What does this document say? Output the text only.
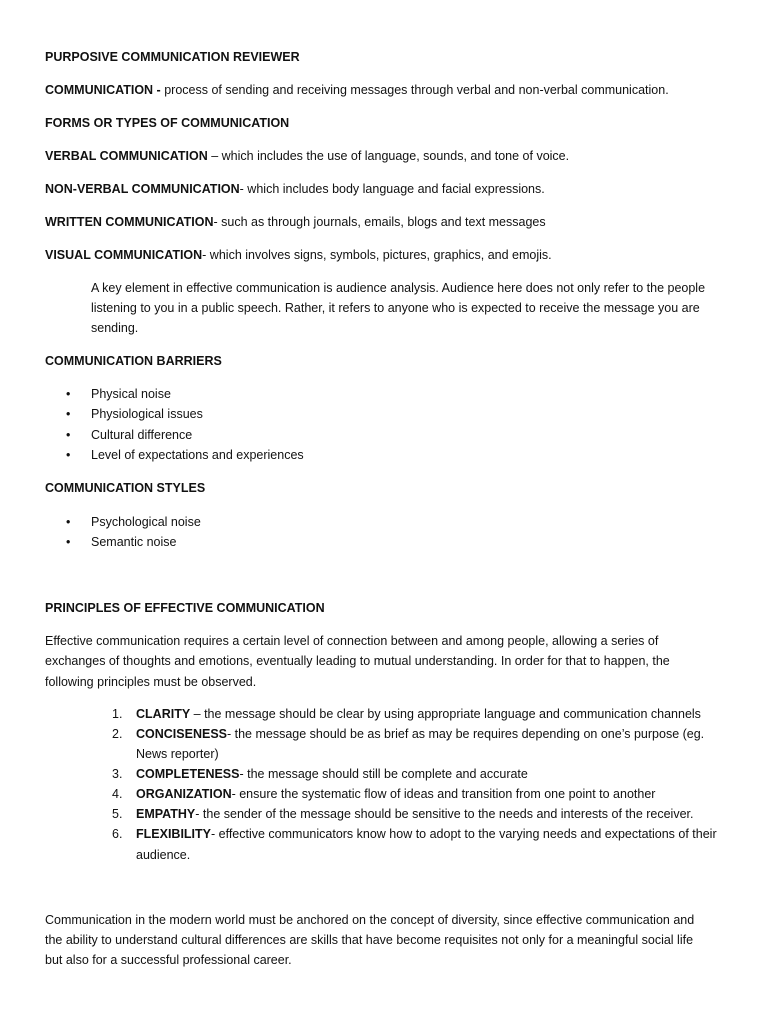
PURPOSIVE COMMUNICATION REVIEWER
COMMUNICATION - process of sending and receiving messages through verbal and non-verbal communication.
FORMS OR TYPES OF COMMUNICATION
VERBAL COMMUNICATION – which includes the use of language, sounds, and tone of voice.
NON-VERBAL COMMUNICATION- which includes body language and facial expressions.
WRITTEN COMMUNICATION- such as through journals, emails, blogs and text messages
VISUAL COMMUNICATION- which involves signs, symbols, pictures, graphics, and emojis.
A key element in effective communication is audience analysis. Audience here does not only refer to the people
listening to you in a public speech. Rather, it refers to anyone who is expected to receive the message you are
sending.
COMMUNICATION BARRIERS
• Physical noise
• Physiological issues
• Cultural difference
• Level of expectations and experiences
COMMUNICATION STYLES
• Psychological noise
• Semantic noise
PRINCIPLES OF EFFECTIVE COMMUNICATION
Effective communication requires a certain level of connection between and among people, allowing a series of
exchanges of thoughts and emotions, eventually leading to mutual understanding. In order for that to happen, the
following principles must be observed.
1. CLARITY – the message should be clear by using appropriate language and communication channels
2. CONCISENESS- the message should be as brief as may be requires depending on one’s purpose (eg.
News reporter)
3. COMPLETENESS- the message should still be complete and accurate
4. ORGANIZATION- ensure the systematic flow of ideas and transition from one point to another
5. EMPATHY- the sender of the message should be sensitive to the needs and interests of the receiver.
6. FLEXIBILITY- effective communicators know how to adopt to the varying needs and expectations of their
audience.
Communication in the modern world must be anchored on the concept of diversity, since effective communication and
the ability to understand cultural differences are skills that have become requisites not only for a meaningful social life
but also for a successful professional career.
